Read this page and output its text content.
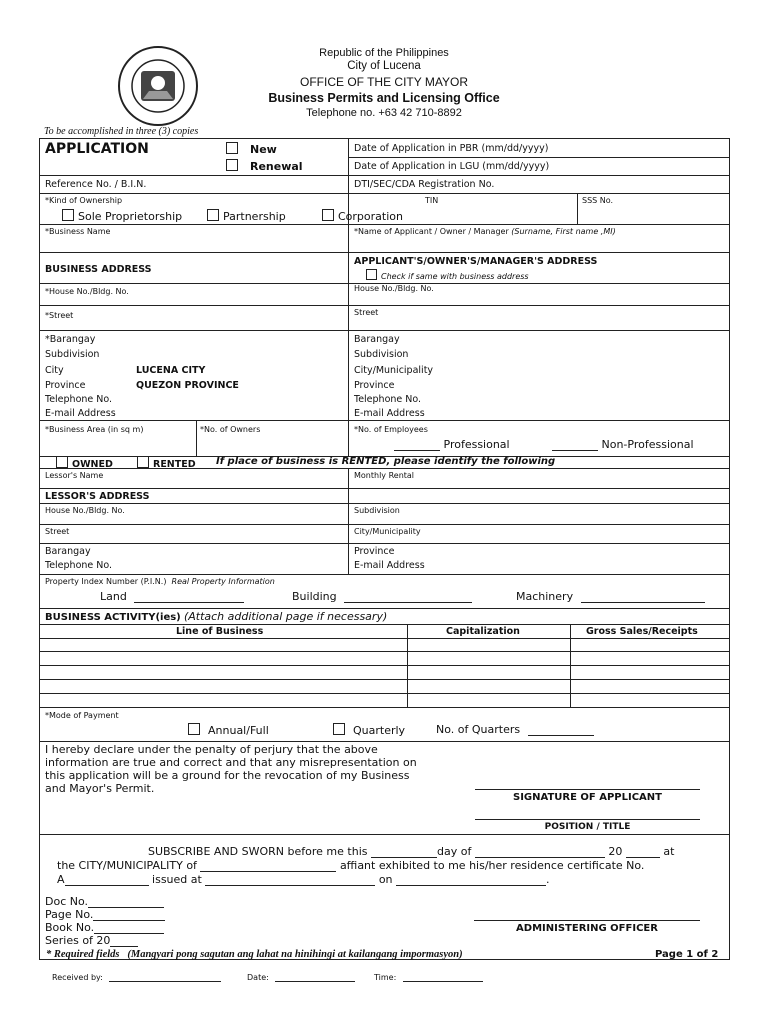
Republic of the Philippines
City of Lucena
OFFICE OF THE CITY MAYOR
Business Permits and Licensing Office
Telephone no. +63 42 710-8892
To be accomplished in three (3) copies
APPLICATION	New
Renewal
Date of Application in PBR (mm/dd/yyyy)
Date of Application in LGU (mm/dd/yyyy)
Reference No. / B.I.N.	DTI/SEC/CDA Registration No.
*Kind of Ownership
Sole Proprietorship	Partnership	Corporation
TIN	SSS No.
*Business Name	*Name of Applicant / Owner / Manager (Surname, First name ,MI)
BUSINESS ADDRESS
APPLICANT'S/OWNER'S/MANAGER'S ADDRESS
Check if same with business address
*House No./Bldg. No.	House No./Bldg. No.
*Street	Street
*Barangay	Barangay
Subdivision	Subdivision
City	LUCENA CITY	City/Municipality
Province	QUEZON PROVINCE	Province
Telephone No.	Telephone No.
E-mail Address	E-mail Address
*Business Area (in sq m)	*No. of Owners	*No. of Employees
Professional	Non-Professional
OWNED	RENTED If place of business is RENTED, please identify the following
Lessor's Name	Monthly Rental
LESSOR'S ADDRESS
House No./Bldg. No.	Subdivision
Street	City/Municipality
Barangay	Province
Telephone No.	E-mail Address
Property Index Number (P.I.N.) Real Property Information
Land	Building	Machinery
BUSINESS ACTIVITY(ies) (Attach additional page if necessary)
Line of Business	Capitalization	Gross Sales/Receipts
*Mode of Payment
Annual/Full	Quarterly	No. of Quarters
I hereby declare under the penalty of perjury that the above
information are true and correct and that any misrepresentation on
this application will be a ground for the revocation of my Business
and Mayor's Permit.
SIGNATURE OF APPLICANT
POSITION / TITLE
SUBSCRIBE AND SWORN before me this	day of	20	at
the CITY/MUNICIPALITY of	affiant exhibited to me his/her residence certificate No.
A	issued at	on	.
Doc No.
Page No.
Book No.
Series of 20
ADMINISTERING OFFICER
* Required fields (Mangyari pong sagutan ang lahat na hinihingi at kailangang impormasyon)	Page 1 of 2
Received by:	Date:	Time:
